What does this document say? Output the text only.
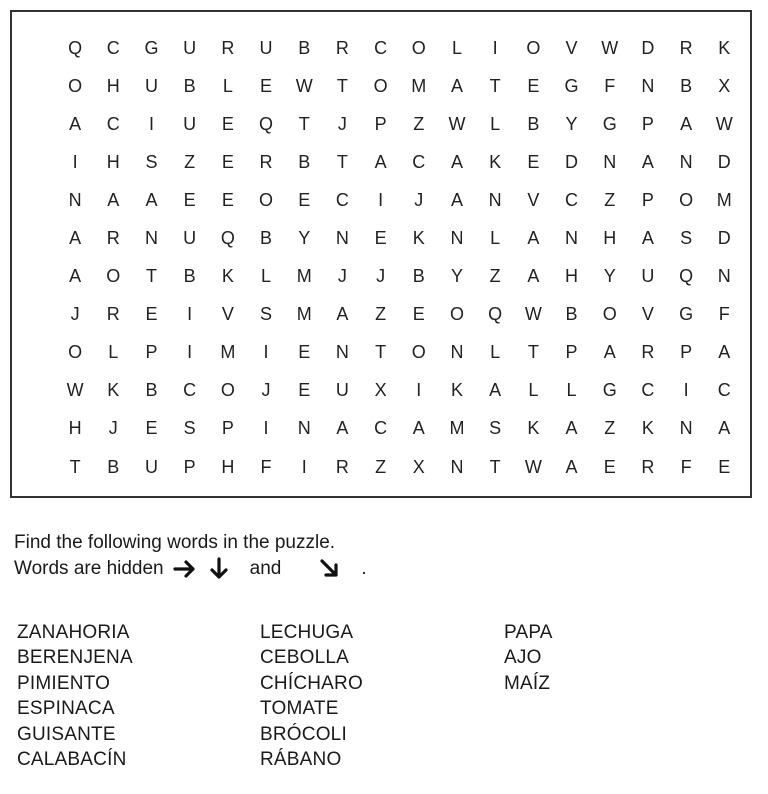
Q	C	G	U	R	U	B	R	C	O	L	I	O	V	W	D	R	K
O	H	U	B	L	E	W	T	O	M	A	T	E	G	F	N	B	X
A	C	I	U	E	Q	T	J	P	Z	W	L	B	Y	G	P	A	W
I	H	S	Z	E	R	B	T	A	C	A	K	E	D	N	A	N	D
N	A	A	E	E	O	E	C	I	J	A	N	V	C	Z	P	O	M
A	R	N	U	Q	B	Y	N	E	K	N	L	A	N	H	A	S	D
A	O	T	B	K	L	M	J	J	B	Y	Z	A	H	Y	U	Q	N
J	R	E	I	V	S	M	A	Z	E	O	Q	W	B	O	V	G	F
O	L	P	I	M	I	E	N	T	O	N	L	T	P	A	R	P	A
W	K	B	C	O	J	E	U	X	I	K	A	L	L	G	C	I	C
H	J	E	S	P	I	N	A	C	A	M	S	K	A	Z	K	N	A
T	B	U	P	H	F	I	R	Z	X	N	T	W	A	E	R	F	E
Find the following words in the puzzle.
Words are hidden	and	.
ZANAHORIA
BERENJENA
PIMIENTO
ESPINACA
GUISANTE
CALABACÍN
LECHUGA
CEBOLLA
CHÍCHARO
TOMATE
BRÓCOLI
RÁBANO
PAPA
AJO
MAÍZ
